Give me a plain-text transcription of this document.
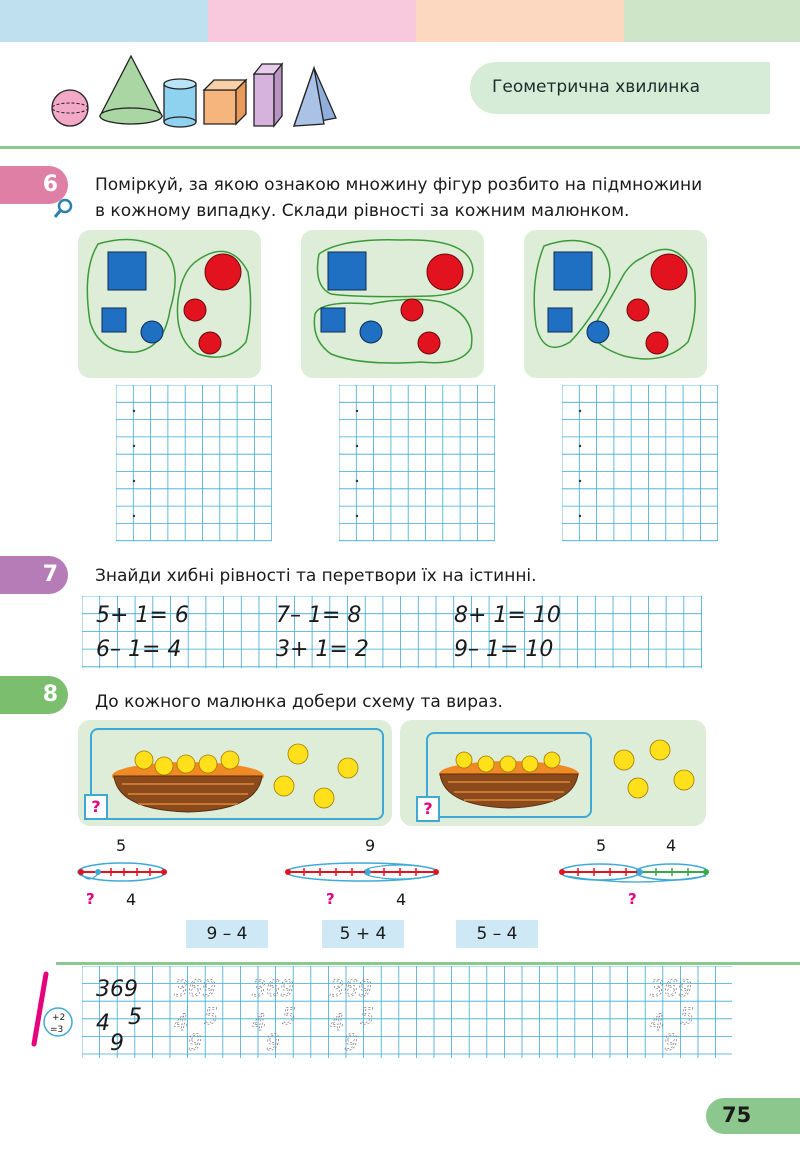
Геометрична хвилинка
6 Поміркуй, за якою ознакою множину фігур розбито на підмножини
в кожному випадку. Склади рівності за кожним малюнком.
7 Знайди хибні рівності та перетвори їх на істинні.
5+ 1= 6	7– 1= 8	8+ 1= 10
6– 1= 4	3+ 1= 2	9– 1= 10
8 До кожного малюнка добери схему та вираз.
?	?
5
? 4
9
?	4
5	4
?
9 – 4	5 + 4	5 – 4
+2
=3
369 369 369 369	369
4 5
9
4 5
9
4 5
9
4 5
9
4 5
9
75
